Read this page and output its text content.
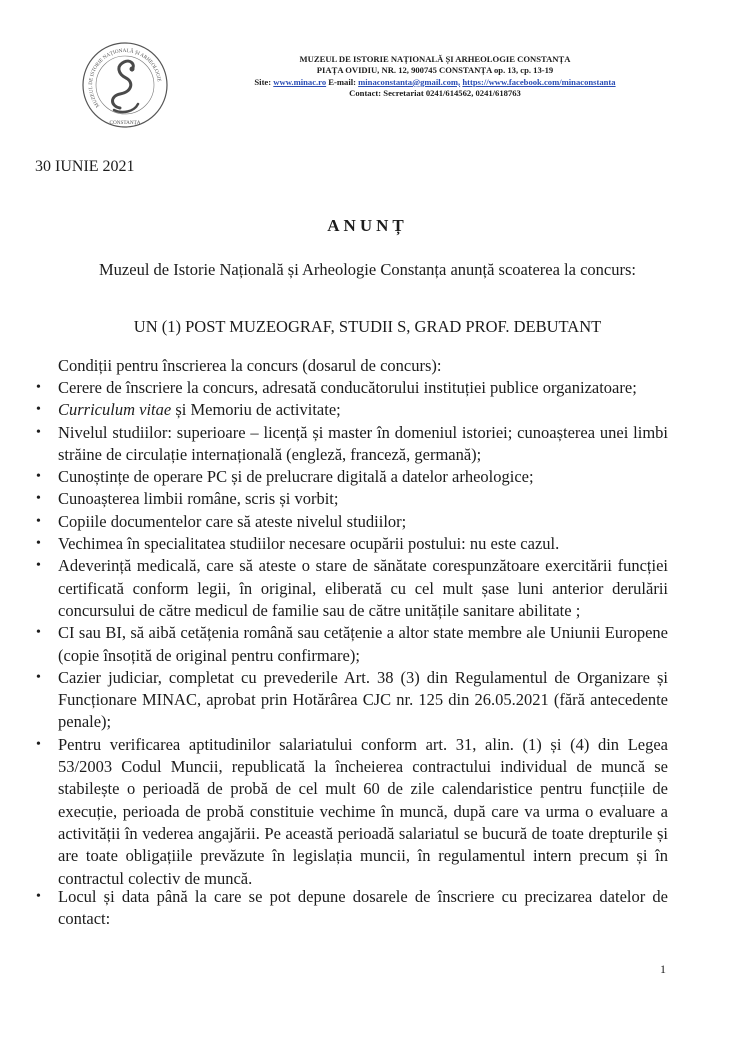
MUZEUL DE ISTORIE NAȚIONALĂ ȘI ARHEOLOGIE
CONSTANȚA
MUZEUL DE ISTORIE NAȚIONALĂ ȘI ARHEOLOGIE CONSTANȚA
PIAȚA OVIDIU, NR. 12, 900745 CONSTANȚA op. 13, cp. 13-19
Site: www.minac.ro E-mail: minaconstanta@gmail.com, https://www.facebook.com/minaconstanta
Contact: Secretariat 0241/614562, 0241/618763
30 IUNIE 2021
ANUNȚ
Muzeul de Istorie Națională și Arheologie Constanța anunță scoaterea la concurs:
UN (1) POST MUZEOGRAF, STUDII S, GRAD PROF. DEBUTANT
Condiții pentru înscrierea la concurs (dosarul de concurs):
• Cerere de înscriere la concurs, adresată conducătorului instituției publice organizatoare;
• Curriculum vitae și Memoriu de activitate;
• Nivelul studiilor: superioare – licență și master în domeniul istoriei; cunoașterea unei limbi străine de circulație internațională (engleză, franceză, germană);
• Cunoștințe de operare PC și de prelucrare digitală a datelor arheologice;
• Cunoașterea limbii române, scris și vorbit;
• Copiile documentelor care să ateste nivelul studiilor;
• Vechimea în specialitatea studiilor necesare ocupării postului: nu este cazul.
• Adeverință medicală, care să ateste o stare de sănătate corespunzătoare exercitării funcției certificată conform legii, în original, eliberată cu cel mult șase luni anterior derulării concursului de către medicul de familie sau de către unitățile sanitare abilitate ;
• CI sau BI, să aibă cetățenia română sau cetățenie a altor state membre ale Uniunii Europene (copie însoțită de original pentru confirmare);
• Cazier judiciar, completat cu prevederile Art. 38 (3) din Regulamentul de Organizare și Funcționare MINAC, aprobat prin Hotărârea CJC nr. 125 din 26.05.2021 (fără antecedente penale);
• Pentru verificarea aptitudinilor salariatului conform art. 31, alin. (1) și (4) din Legea 53/2003 Codul Muncii, republicată la încheierea contractului individual de muncă se stabilește o perioadă de probă de cel mult 60 de zile calendaristice pentru funcțiile de execuție, perioada de probă constituie vechime în muncă, după care va urma o evaluare a activității în vederea angajării. Pe această perioadă salariatul se bucură de toate drepturile și are toate obligațiile prevăzute în legislația muncii, în regulamentul intern precum și în contractul colectiv de muncă.
• Locul și data până la care se pot depune dosarele de înscriere cu precizarea datelor de contact:
1
